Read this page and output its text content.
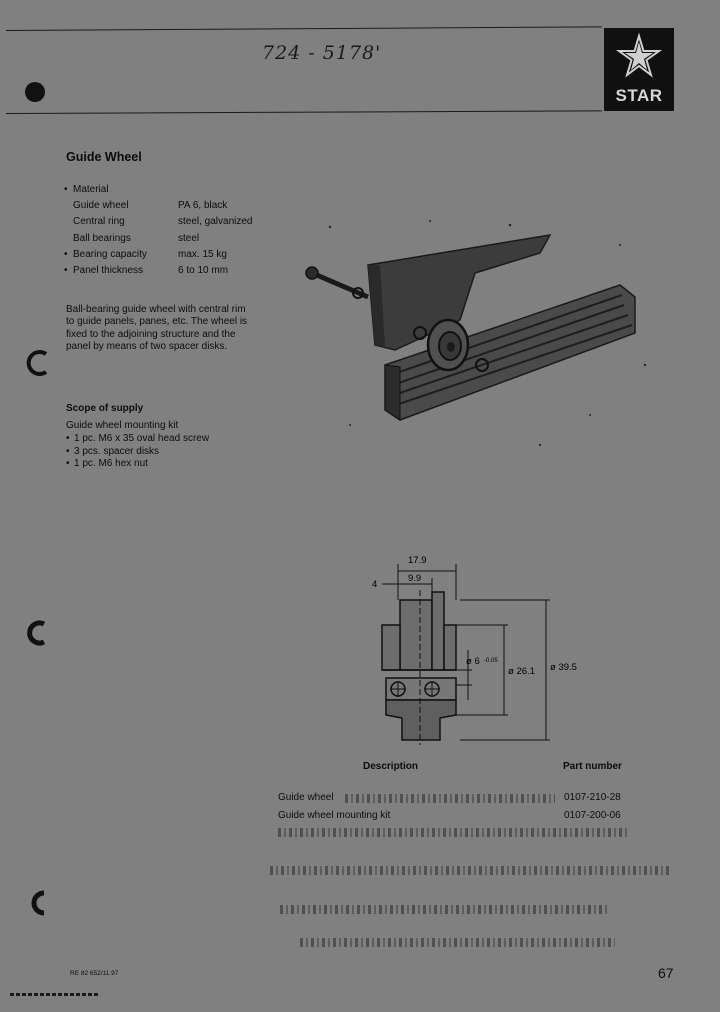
724 - 5178'
STAR
Guide Wheel
• Material
Guide wheel	PA 6, black
Central ring	steel, galvanized
Ball bearings	steel
• Bearing capacity	max. 15 kg
• Panel thickness	6 to 10 mm
Ball-bearing guide wheel with central rim to guide panels, panes, etc. The wheel is fixed to the adjoining structure and the panel by means of two spacer disks.
Scope of supply
Guide wheel mounting kit
• 1 pc. M6 x 35 oval head screw
• 3 pcs. spacer disks
• 1 pc. M6 hex nut
17.9
4
9.9
ø 6 -0.05
ø 26.1 ø 39.5
Description	Part number
Guide wheel	0107-210-28
Guide wheel mounting kit	0107-200-06
RE 82 652/11.97	67
